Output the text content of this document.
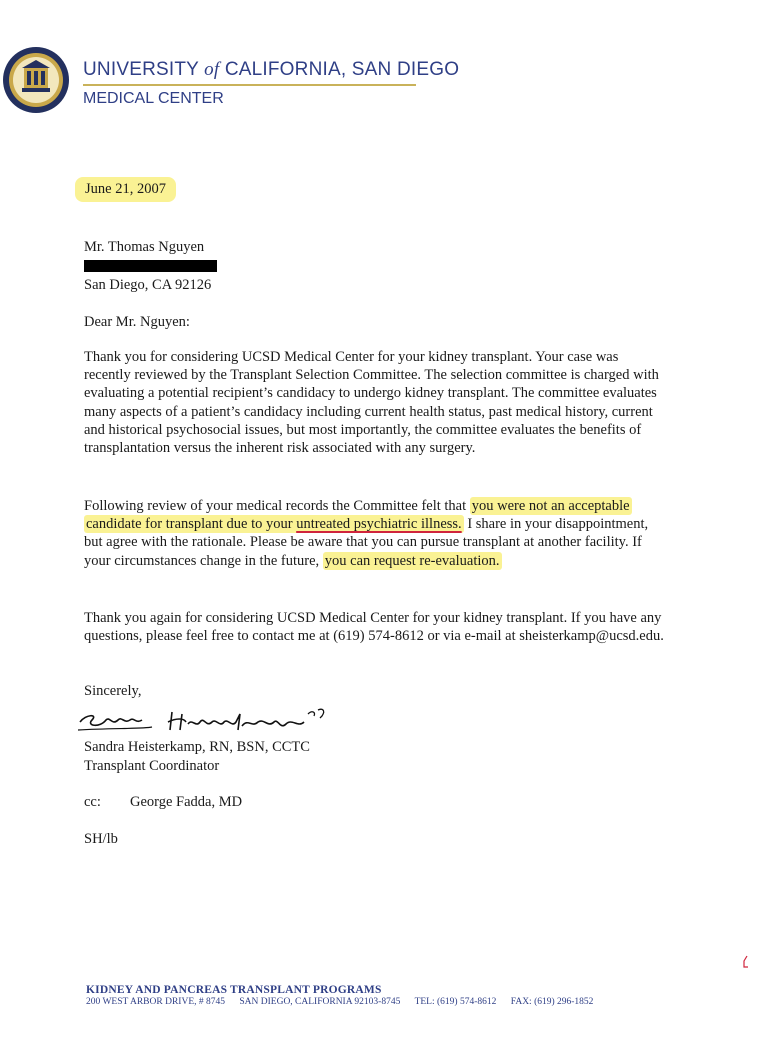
UNIVERSITY of CALIFORNIA, SAN DIEGO
MEDICAL CENTER
June 21, 2007
Mr. Thomas Nguyen
San Diego, CA 92126
Dear Mr. Nguyen:
Thank you for considering UCSD Medical Center for your kidney transplant. Your case was recently reviewed by the Transplant Selection Committee. The selection committee is charged with evaluating a potential recipient’s candidacy to undergo kidney transplant. The committee evaluates many aspects of a patient’s candidacy including current health status, past medical history, current and historical psychosocial issues, but most importantly, the committee evaluates the benefits of transplantation versus the inherent risk associated with any surgery.
Following review of your medical records the Committee felt that you were not an acceptable candidate for transplant due to your untreated psychiatric illness. I share in your disappointment, but agree with the rationale. Please be aware that you can pursue transplant at another facility. If your circumstances change in the future, you can request re-evaluation.
Thank you again for considering UCSD Medical Center for your kidney transplant. If you have any questions, please feel free to contact me at (619) 574-8612 or via e-mail at sheisterkamp@ucsd.edu.
Sincerely,
Sandra Heisterkamp, RN, BSN, CCTC
Transplant Coordinator
cc: George Fadda, MD
SH/lb
KIDNEY AND PANCREAS TRANSPLANT PROGRAMS
200 WEST ARBOR DRIVE, # 8745 SAN DIEGO, CALIFORNIA 92103-8745 TEL: (619) 574-8612 FAX: (619) 296-1852
